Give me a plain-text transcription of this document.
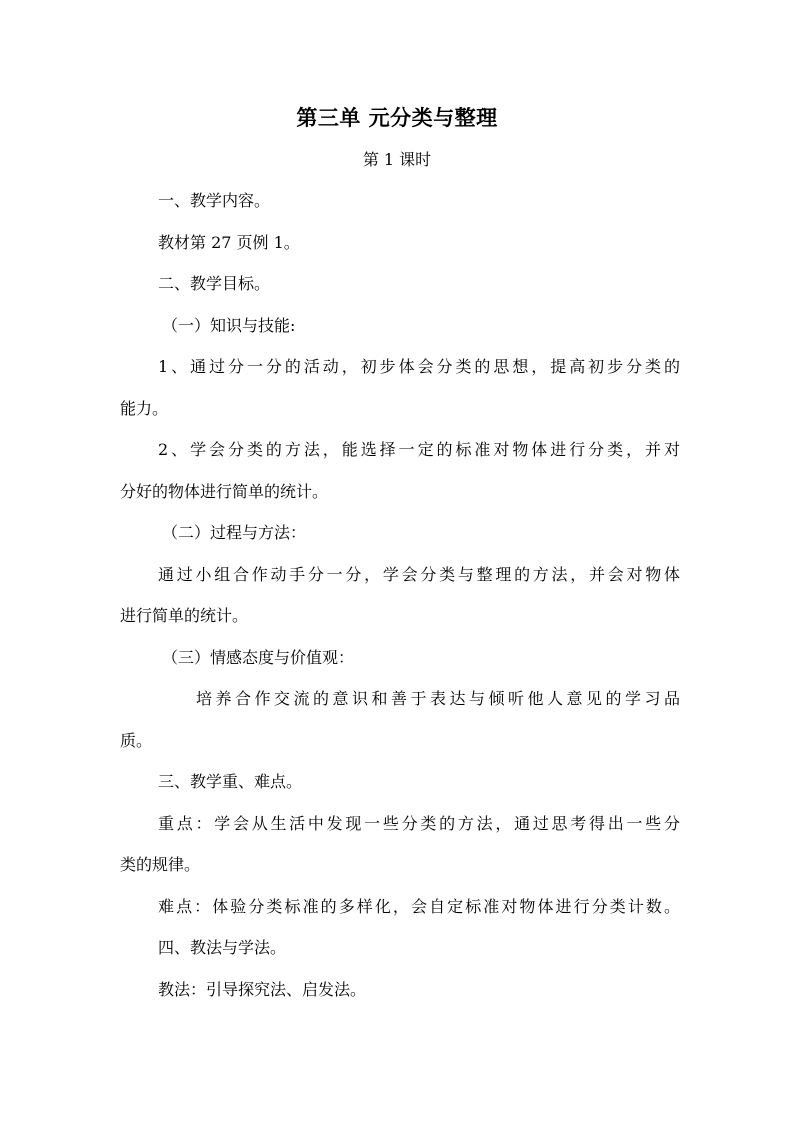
第三单 元分类与整理
第 1 课时
一、教学内容。
教材第 27 页例 1。
二、教学目标。
（一）知识与技能:
1、通过分一分的活动，初步体会分类的思想，提高初步分类的
能力。
2、学会分类的方法，能选择一定的标准对物体进行分类，并对
分好的物体进行简单的统计。
（二）过程与方法：
通过小组合作动手分一分，学会分类与整理的方法，并会对物体
进行简单的统计。
（三）情感态度与价值观：
培养合作交流的意识和善于表达与倾听他人意见的学习品
质。
三、教学重、难点。
重点：学会从生活中发现一些分类的方法，通过思考得出一些分
类的规律。
难点：体验分类标准的多样化，会自定标准对物体进行分类计数。
四、教法与学法。
教法：引导探究法、启发法。
